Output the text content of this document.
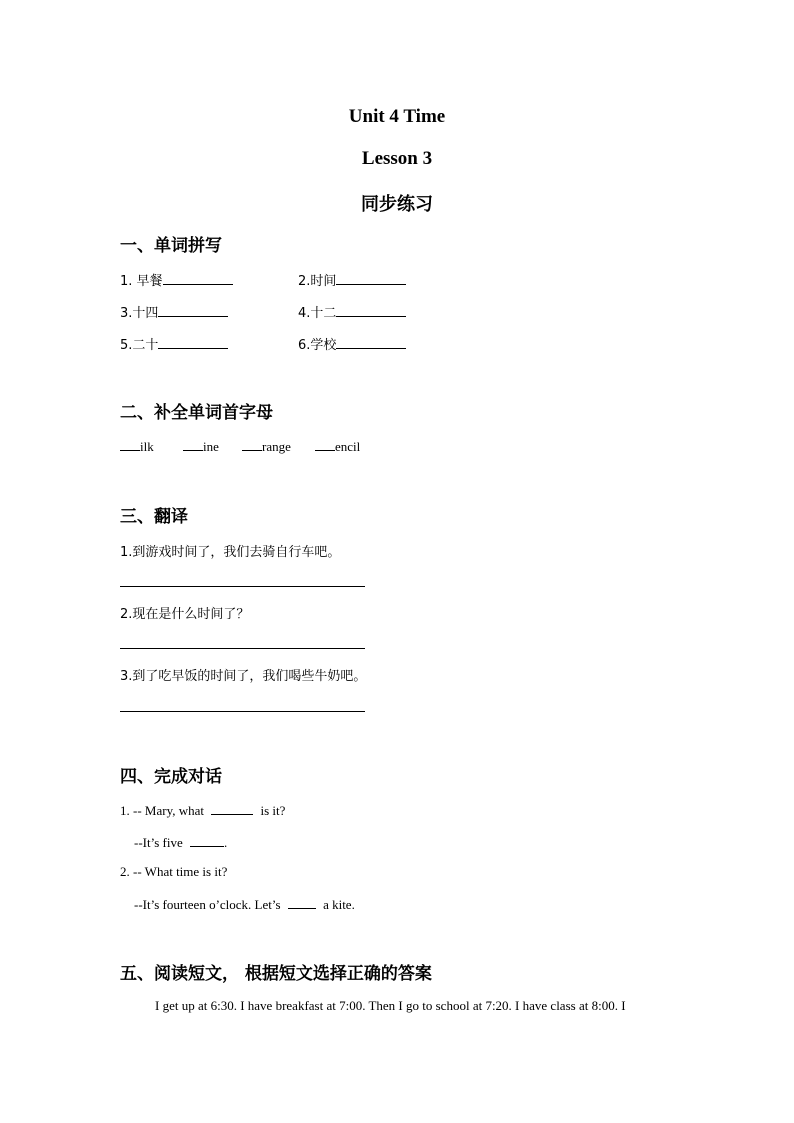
Unit 4 Time
Lesson 3
同步练习
一、单词拼写
1. 早餐	2.时间
3.十四	4.十二
5.二十	6.学校
二、补全单词首字母
ilk	ine	range	encil
三、翻译
1.到游戏时间了，我们去骑自行车吧。
2.现在是什么时间了？
3.到了吃早饭的时间了，我们喝些牛奶吧。
四、完成对话
1. -- Mary, what	is it?
--It’s five	.
2. -- What time is it?
--It’s fourteen o’clock. Let’s	a kite.
五、阅读短文， 根据短文选择正确的答案
I get up at 6:30. I have breakfast at 7:00. Then I go to school at 7:20. I have class at 8:00. I
